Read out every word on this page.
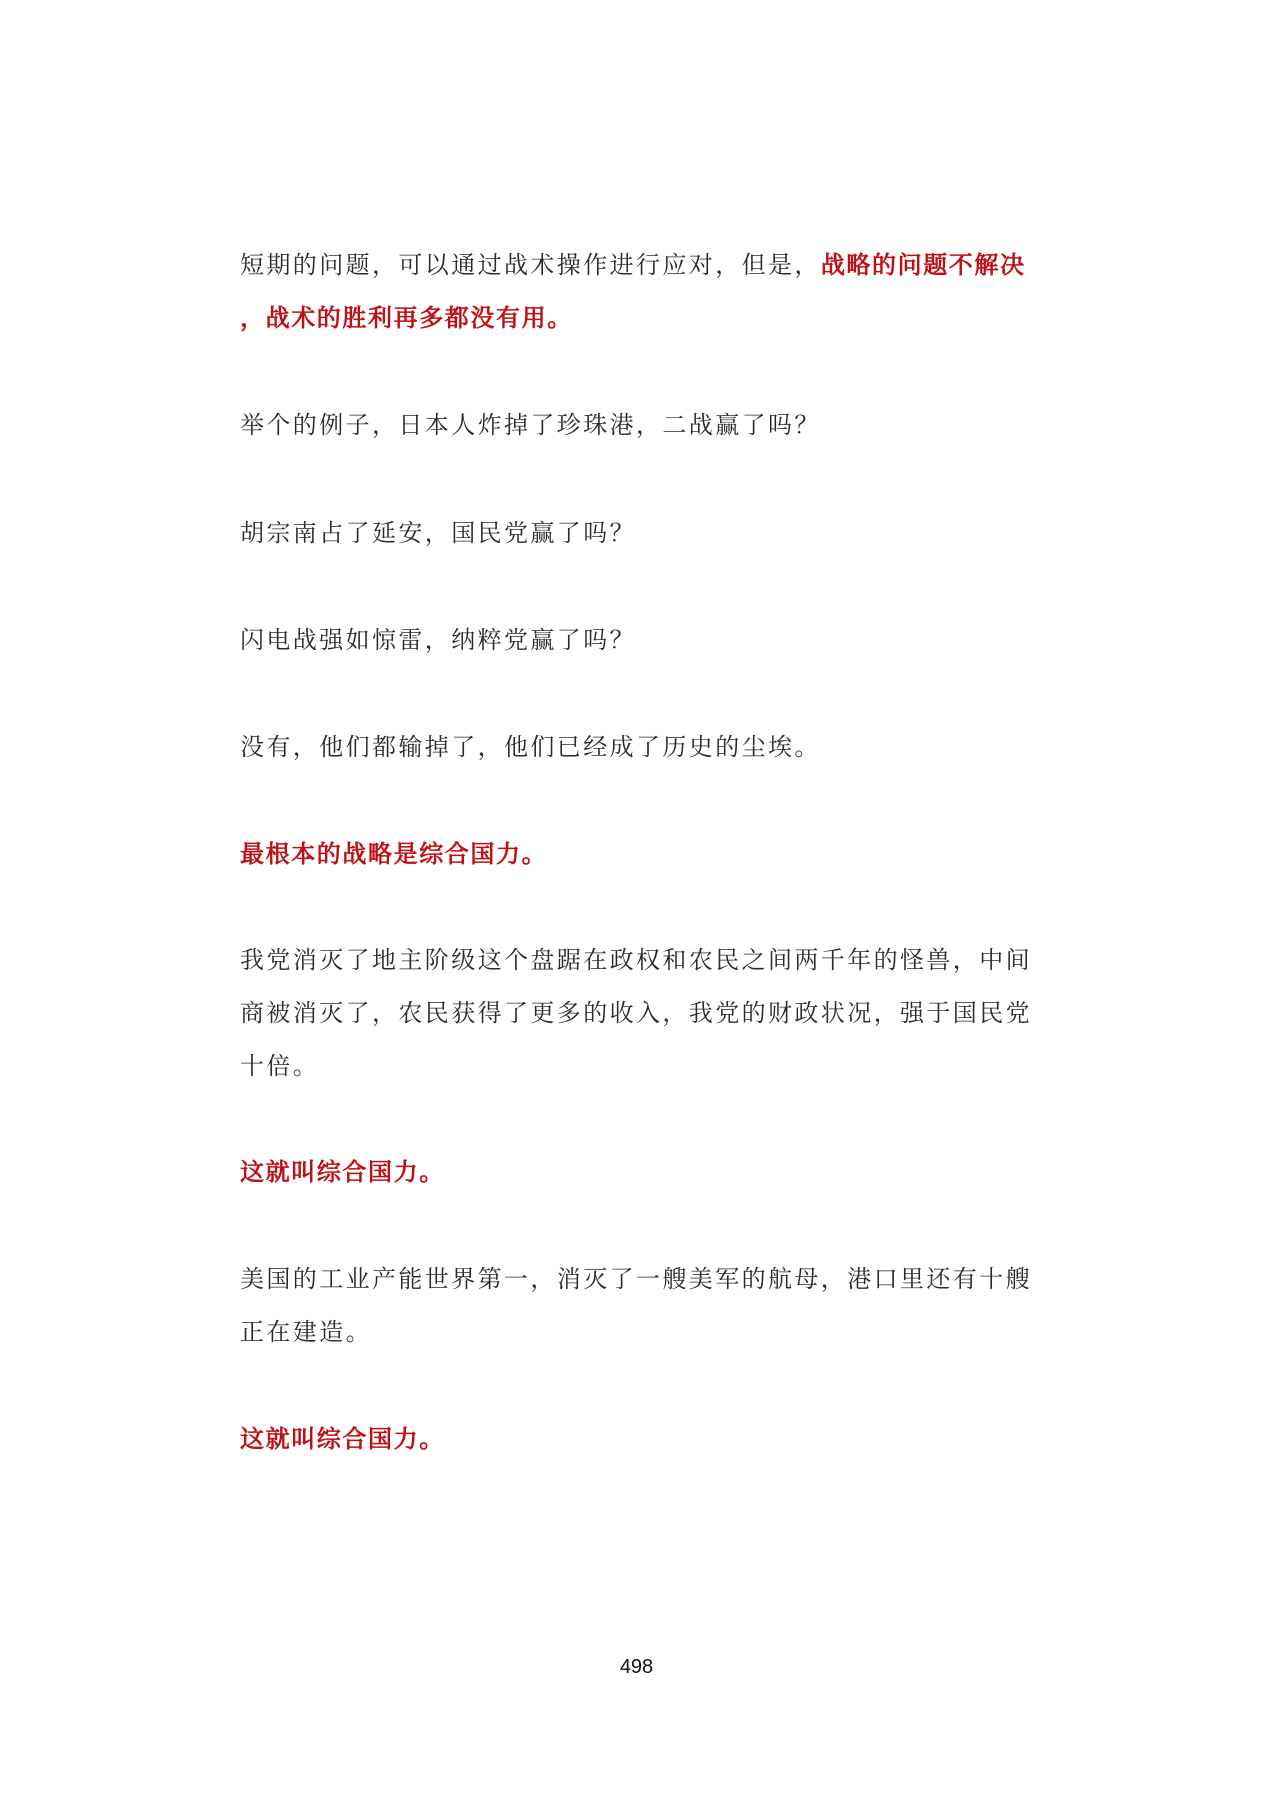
短期的问题，可以通过战术操作进行应对，但是，战略的问题不解决
，战术的胜利再多都没有用。
举个的例子，日本人炸掉了珍珠港，二战赢了吗？
胡宗南占了延安，国民党赢了吗？
闪电战强如惊雷，纳粹党赢了吗？
没有，他们都输掉了，他们已经成了历史的尘埃。
最根本的战略是综合国力。
我党消灭了地主阶级这个盘踞在政权和农民之间两千年的怪兽，中间
商被消灭了，农民获得了更多的收入，我党的财政状况，强于国民党
十倍。
这就叫综合国力。
美国的工业产能世界第一，消灭了一艘美军的航母，港口里还有十艘
正在建造。
这就叫综合国力。
498
